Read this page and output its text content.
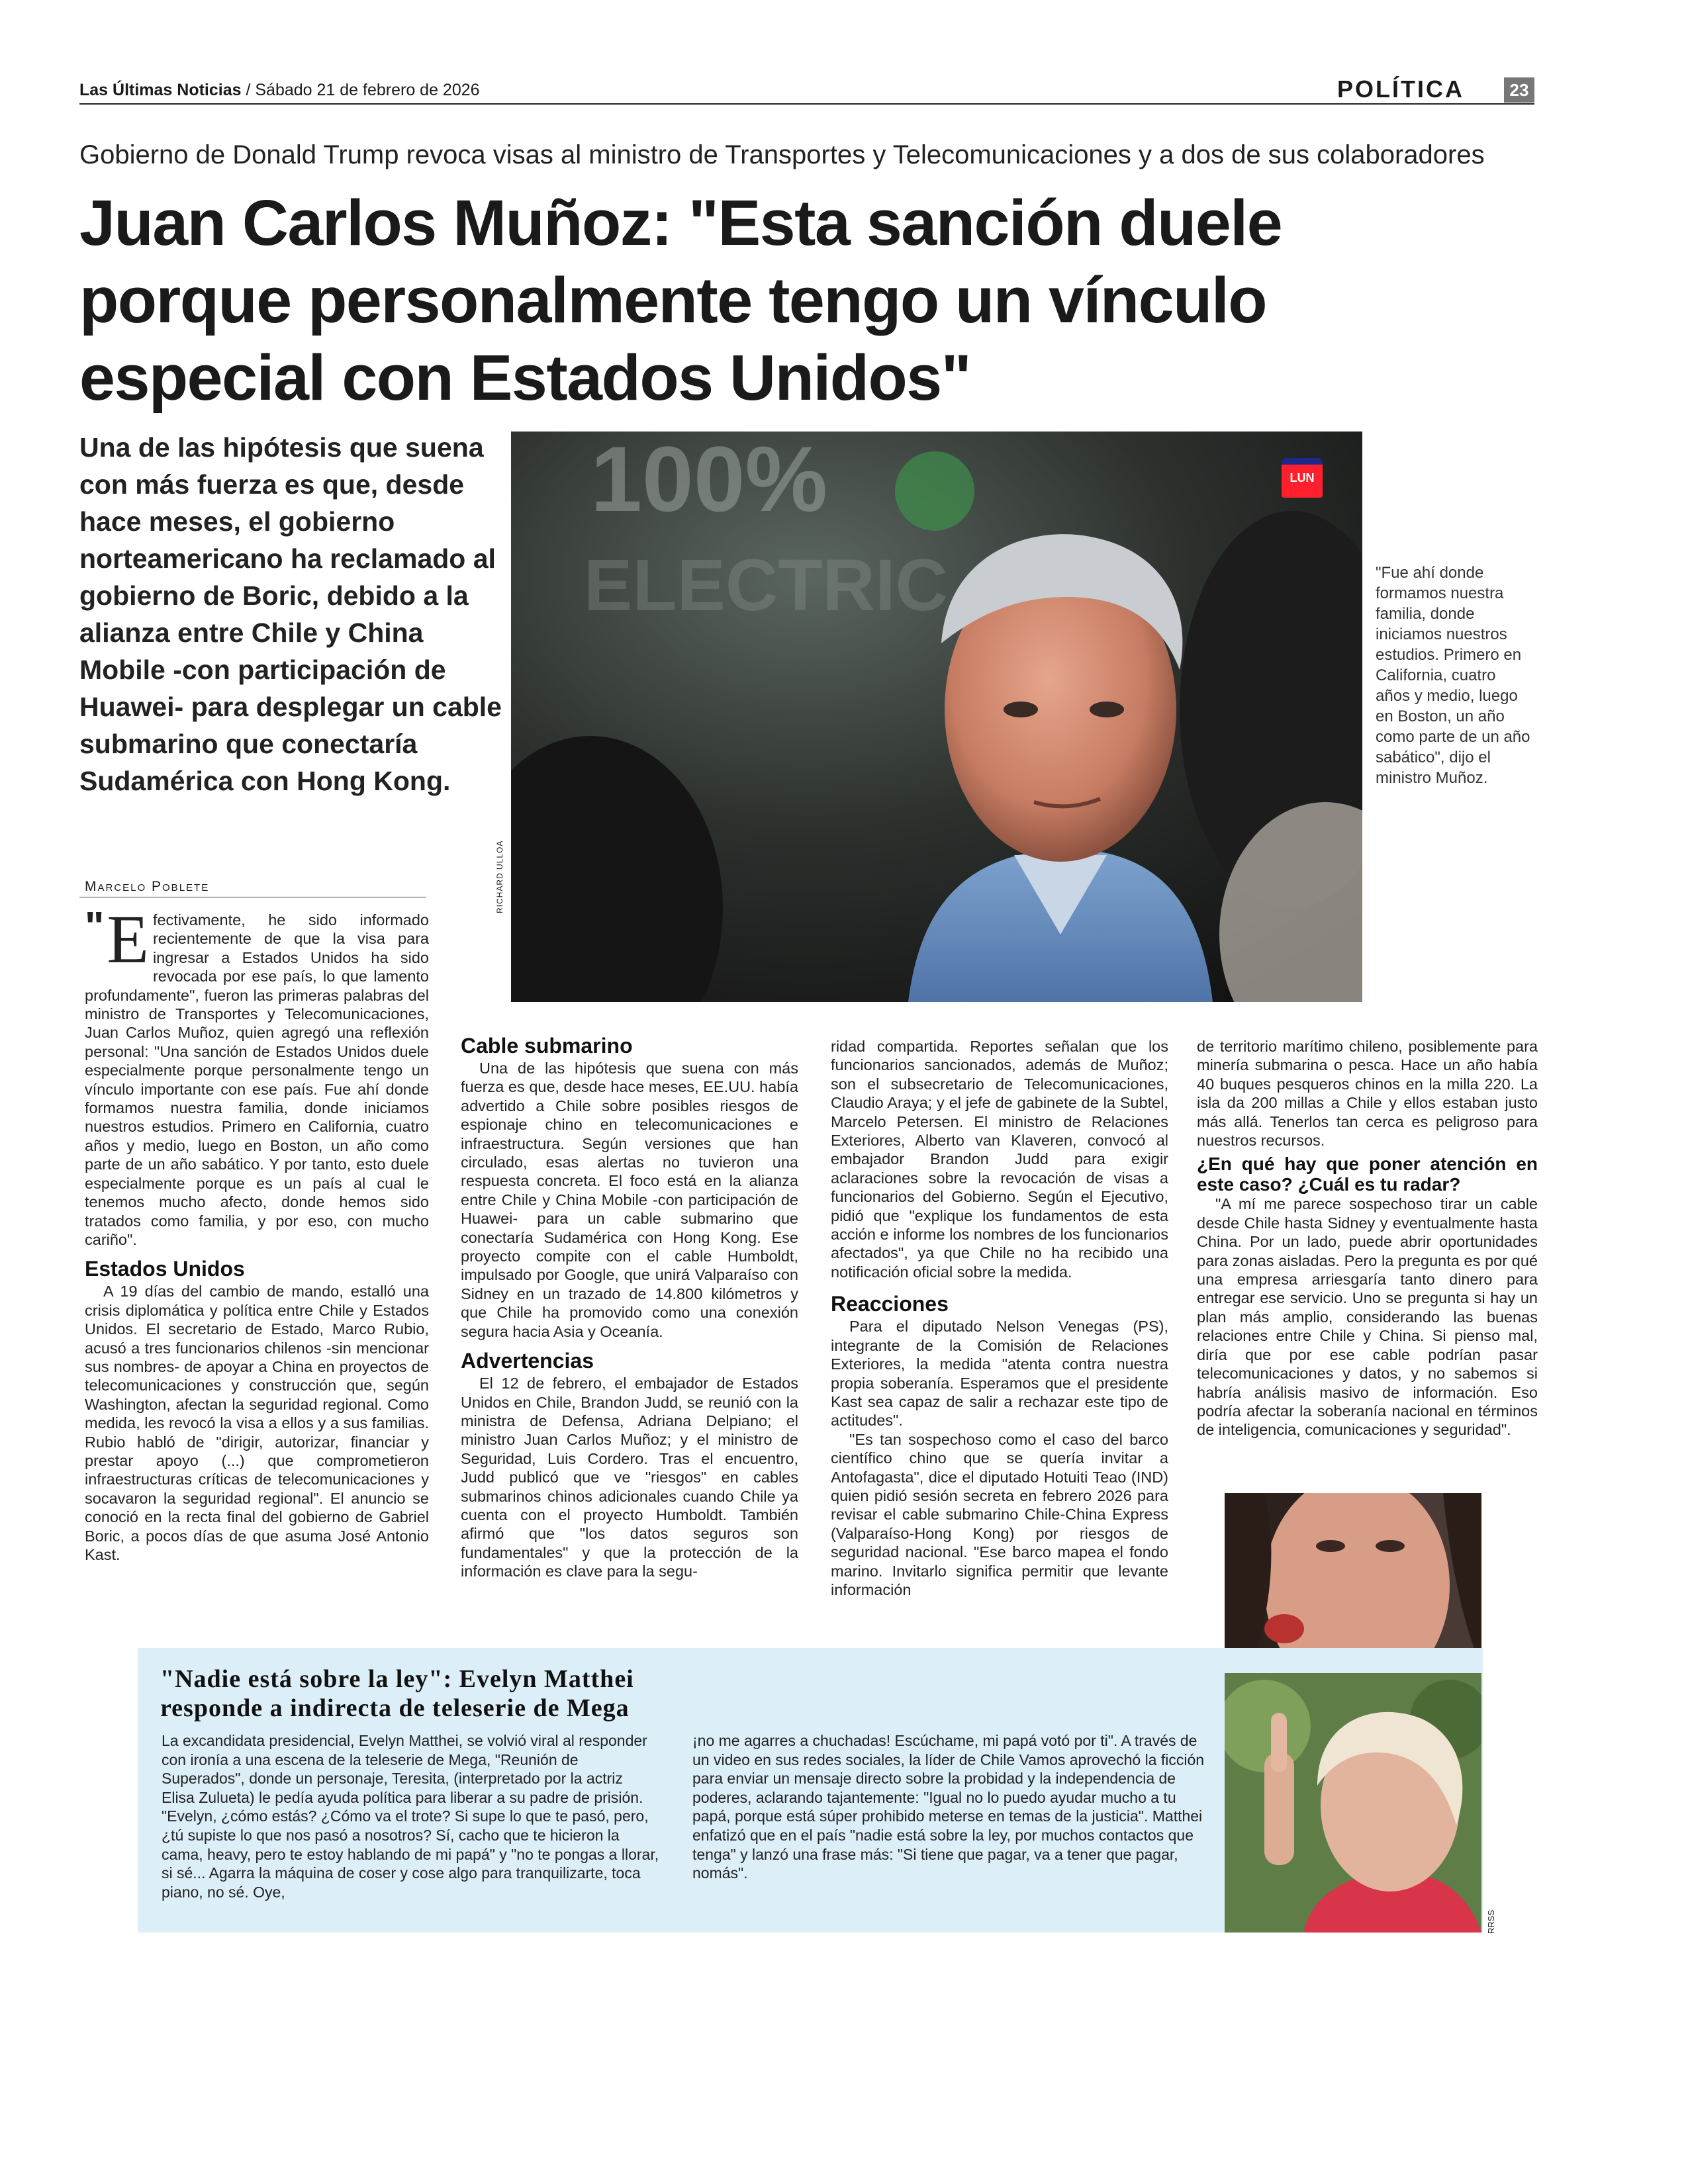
Las Últimas Noticias / Sábado 21 de febrero de 2026	POLÍTICA	23
Gobierno de Donald Trump revoca visas al ministro de Transportes y Telecomunicaciones y a dos de sus colaboradores
Juan Carlos Muñoz: "Esta sanción duele
porque personalmente tengo un vínculo
especial con Estados Unidos"
Una de las hipótesis que suena con más fuerza es que, desde hace meses, el gobierno norteamericano ha reclamado al gobierno de Boric, debido a la alianza entre Chile y China Mobile -con participación de Huawei- para desplegar un cable submarino que conectaría Sudamérica con Hong Kong.
100%
ELECTRIC
LUN
RICHARD ULLOA
"Fue ahí donde formamos nuestra familia, donde iniciamos nuestros estudios. Primero en California, cuatro años y medio, luego en Boston, un año como parte de un año sabático", dijo el ministro Muñoz.
Marcelo Poblete
" E fectivamente, he sido informado recientemente de que la visa para ingresar a Estados Unidos ha sido revocada por ese país, lo que lamento profundamente", fueron las primeras palabras del ministro de Transportes y Telecomunicaciones, Juan Carlos Muñoz, quien agregó una reflexión personal: "Una sanción de Estados Unidos duele especialmente porque personalmente tengo un vínculo importante con ese país. Fue ahí donde formamos nuestra familia, donde iniciamos nuestros estudios. Primero en California, cuatro años y medio, luego en Boston, un año como parte de un año sabático. Y por tanto, esto duele especialmente porque es un país al cual le tenemos mucho afecto, donde hemos sido tratados como familia, y por eso, con mucho cariño".

Estados Unidos

A 19 días del cambio de mando, estalló una crisis diplomática y política entre Chile y Estados Unidos. El secretario de Estado, Marco Rubio, acusó a tres funcionarios chilenos -sin mencionar sus nombres- de apoyar a China en proyectos de telecomunicaciones y construcción que, según Washington, afectan la seguridad regional. Como medida, les revocó la visa a ellos y a sus familias. Rubio habló de "dirigir, autorizar, financiar y prestar apoyo (...) que comprometieron infraestructuras críticas de telecomunicaciones y socavaron la seguridad regional". El anuncio se conoció en la recta final del gobierno de Gabriel Boric, a pocos días de que asuma José Antonio Kast.

Cable submarino

Una de las hipótesis que suena con más fuerza es que, desde hace meses, EE.UU. había advertido a Chile sobre posibles riesgos de espionaje chino en telecomunicaciones e infraestructura. Según versiones que han circulado, esas alertas no tuvieron una respuesta concreta. El foco está en la alianza entre Chile y China Mobile -con participación de Huawei- para un cable submarino que conectaría Sudamérica con Hong Kong. Ese proyecto compite con el cable Humboldt, impulsado por Google, que unirá Valparaíso con Sidney en un trazado de 14.800 kilómetros y que Chile ha promovido como una conexión segura hacia Asia y Oceanía.

Advertencias

El 12 de febrero, el embajador de Estados Unidos en Chile, Brandon Judd, se reunió con la ministra de Defensa, Adriana Delpiano; el ministro Juan Carlos Muñoz; y el ministro de Seguridad, Luis Cordero. Tras el encuentro, Judd publicó que ve "riesgos" en cables submarinos chinos adicionales cuando Chile ya cuenta con el proyecto Humboldt. También afirmó que "los datos seguros son fundamentales" y que la protección de la información es clave para la segu-

ridad compartida. Reportes señalan que los funcionarios sancionados, además de Muñoz; son el subsecretario de Telecomunicaciones, Claudio Araya; y el jefe de gabinete de la Subtel, Marcelo Petersen. El ministro de Relaciones Exteriores, Alberto van Klaveren, convocó al embajador Brandon Judd para exigir aclaraciones sobre la revocación de visas a funcionarios del Gobierno. Según el Ejecutivo, pidió que "explique los fundamentos de esta acción e informe los nombres de los funcionarios afectados", ya que Chile no ha recibido una notificación oficial sobre la medida.

Reacciones

Para el diputado Nelson Venegas (PS), integrante de la Comisión de Relaciones Exteriores, la medida "atenta contra nuestra propia soberanía. Esperamos que el presidente Kast sea capaz de salir a rechazar este tipo de actitudes".

"Es tan sospechoso como el caso del barco científico chino que se quería invitar a Antofagasta", dice el diputado Hotuiti Teao (IND) quien pidió sesión secreta en febrero 2026 para revisar el cable submarino Chile-China Express (Valparaíso-Hong Kong) por riesgos de seguridad nacional. "Ese barco mapea el fondo marino. Invitarlo significa permitir que levante información

de territorio marítimo chileno, posiblemente para minería submarina o pesca. Hace un año había 40 buques pesqueros chinos en la milla 220. La isla da 200 millas a Chile y ellos estaban justo más allá. Tenerlos tan cerca es peligroso para nuestros recursos.

¿En qué hay que poner atención en este caso? ¿Cuál es tu radar?

"A mí me parece sospechoso tirar un cable desde Chile hasta Sidney y eventualmente hasta China. Por un lado, puede abrir oportunidades para zonas aisladas. Pero la pregunta es por qué una empresa arriesgaría tanto dinero para entregar ese servicio. Uno se pregunta si hay un plan más amplio, considerando las buenas relaciones entre Chile y China. Si pienso mal, diría que por ese cable podrían pasar telecomunicaciones y datos, y no sabemos si habría análisis masivo de información. Eso podría afectar la soberanía nacional en términos de inteligencia, comunicaciones y seguridad".

"Nadie está sobre la ley": Evelyn Matthei
responde a indirecta de teleserie de Mega
La excandidata presidencial, Evelyn Matthei, se volvió viral al responder con ironía a una escena de la teleserie de Mega, "Reunión de Superados", donde un personaje, Teresita, (interpretado por la actriz Elisa Zulueta) le pedía ayuda política para liberar a su padre de prisión. "Evelyn, ¿cómo estás? ¿Cómo va el trote? Si supe lo que te pasó, pero, ¿tú supiste lo que nos pasó a nosotros? Sí, cacho que te hicieron la cama, heavy, pero te estoy hablando de mi papá" y "no te pongas a llorar, si sé... Agarra la máquina de coser y cose algo para tranquilizarte, toca piano, no sé. Oye,
¡no me agarres a chuchadas! Escúchame, mi papá votó por ti". A través de un video en sus redes sociales, la líder de Chile Vamos aprovechó la ficción para enviar un mensaje directo sobre la probidad y la independencia de poderes, aclarando tajantemente: "Igual no lo puedo ayudar mucho a tu papá, porque está súper prohibido meterse en temas de la justicia". Matthei enfatizó que en el país "nadie está sobre la ley, por muchos contactos que tenga" y lanzó una frase más: "Si tiene que pagar, va a tener que pagar, nomás".
RRSS
